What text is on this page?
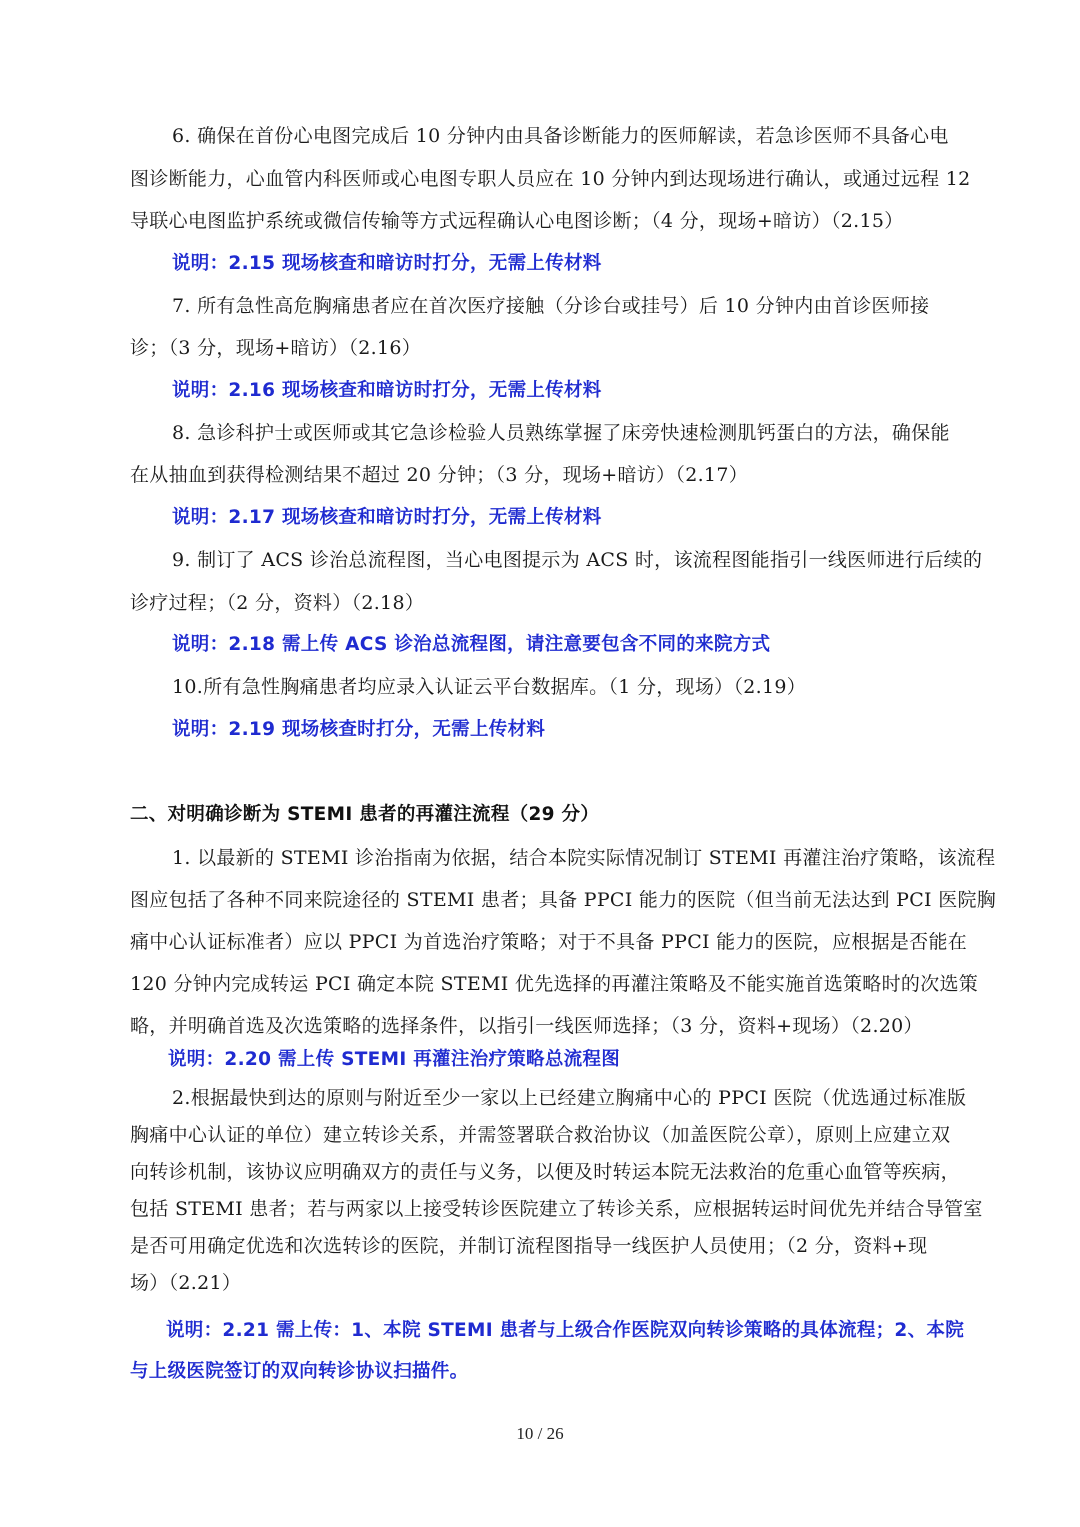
6. 确保在首份心电图完成后 10 分钟内由具备诊断能力的医师解读，若急诊医师不具备心电
图诊断能力，心血管内科医师或心电图专职人员应在 10 分钟内到达现场进行确认，或通过远程 12
导联心电图监护系统或微信传输等方式远程确认心电图诊断；（4 分，现场+暗访）（2.15）
说明：2.15 现场核查和暗访时打分，无需上传材料
7. 所有急性高危胸痛患者应在首次医疗接触（分诊台或挂号）后 10 分钟内由首诊医师接
诊；（3 分，现场+暗访）（2.16）
说明：2.16 现场核查和暗访时打分，无需上传材料
8. 急诊科护士或医师或其它急诊检验人员熟练掌握了床旁快速检测肌钙蛋白的方法，确保能
在从抽血到获得检测结果不超过 20 分钟；（3 分，现场+暗访）（2.17）
说明：2.17 现场核查和暗访时打分，无需上传材料
9. 制订了 ACS 诊治总流程图，当心电图提示为 ACS 时，该流程图能指引一线医师进行后续的
诊疗过程；（2 分，资料）（2.18）
说明：2.18 需上传 ACS 诊治总流程图，请注意要包含不同的来院方式
10.所有急性胸痛患者均应录入认证云平台数据库。（1 分，现场）（2.19）
说明：2.19 现场核查时打分，无需上传材料
二、对明确诊断为 STEMI 患者的再灌注流程（29 分）
1. 以最新的 STEMI 诊治指南为依据，结合本院实际情况制订 STEMI 再灌注治疗策略，该流程
图应包括了各种不同来院途径的 STEMI 患者；具备 PPCI 能力的医院（但当前无法达到 PCI 医院胸
痛中心认证标准者）应以 PPCI 为首选治疗策略；对于不具备 PPCI 能力的医院，应根据是否能在
120 分钟内完成转运 PCI 确定本院 STEMI 优先选择的再灌注策略及不能实施首选策略时的次选策
略，并明确首选及次选策略的选择条件，以指引一线医师选择；（3 分，资料+现场）（2.20）
说明：2.20 需上传 STEMI 再灌注治疗策略总流程图
2.根据最快到达的原则与附近至少一家以上已经建立胸痛中心的 PPCI 医院（优选通过标准版
胸痛中心认证的单位）建立转诊关系，并需签署联合救治协议（加盖医院公章），原则上应建立双
向转诊机制，该协议应明确双方的责任与义务，以便及时转运本院无法救治的危重心血管等疾病，
包括 STEMI 患者；若与两家以上接受转诊医院建立了转诊关系，应根据转运时间优先并结合导管室
是否可用确定优选和次选转诊的医院，并制订流程图指导一线医护人员使用；（2 分，资料+现
场）（2.21）
说明：2.21 需上传：1、本院 STEMI 患者与上级合作医院双向转诊策略的具体流程；2、本院
与上级医院签订的双向转诊协议扫描件。
10 / 26
